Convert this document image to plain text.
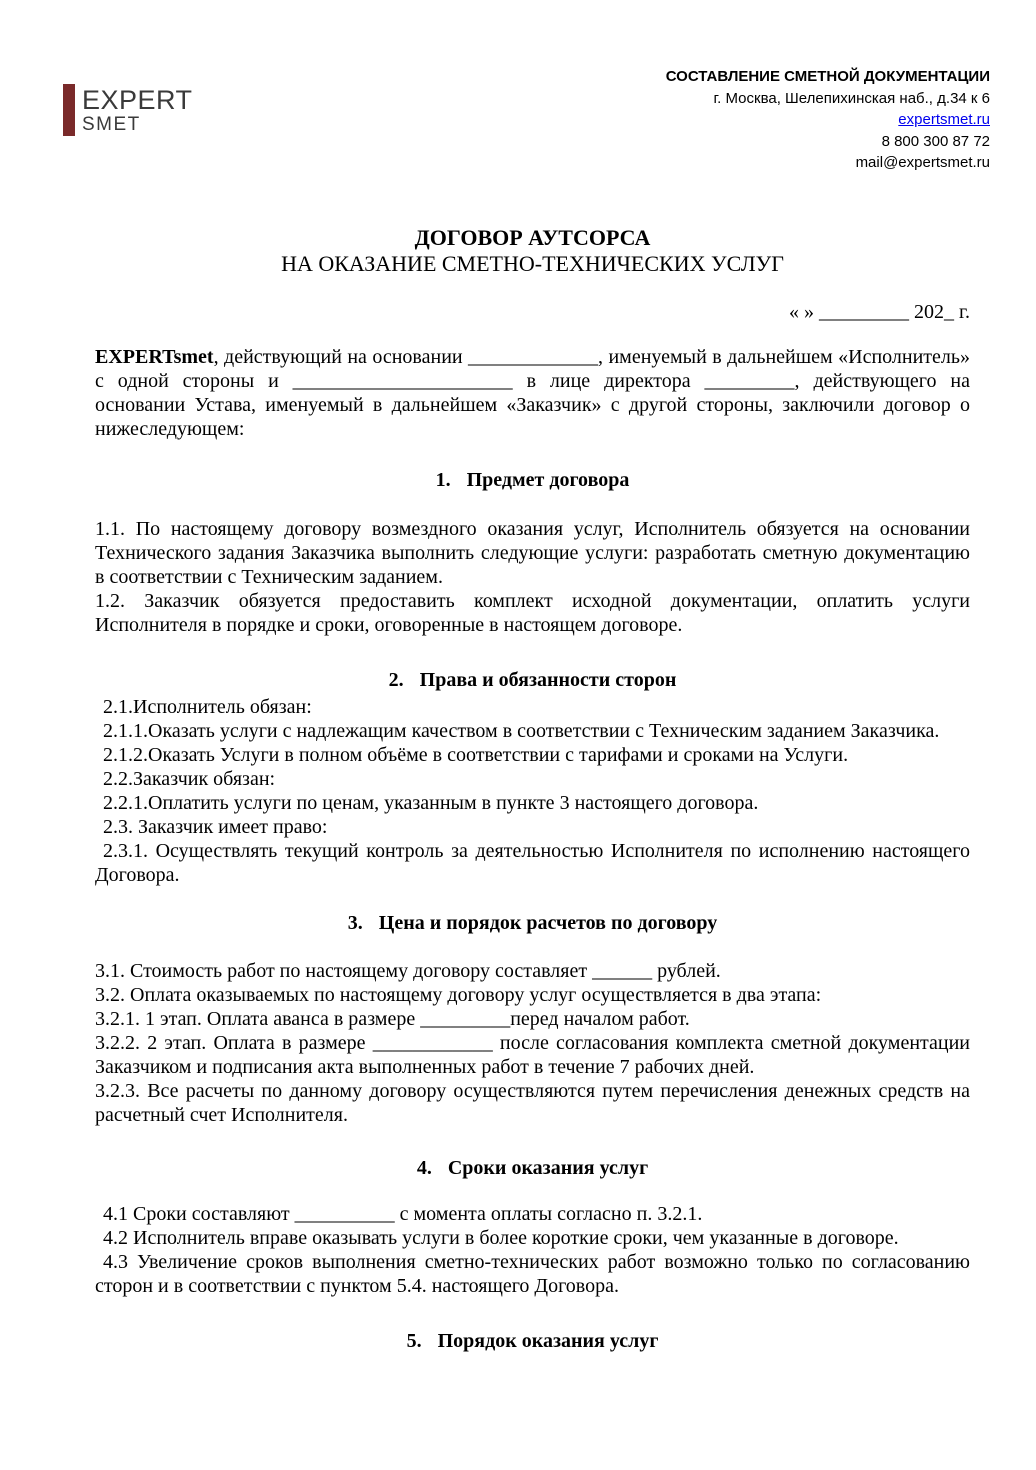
EXPERT
SMET
СОСТАВЛЕНИЕ СМЕТНОЙ ДОКУМЕНТАЦИИ
г. Москва, Шелепихинская наб., д.34 к 6
expertsmet.ru
8 800 300 87 72
mail@expertsmet.ru
ДОГОВОР АУТСОРСА
НА ОКАЗАНИЕ СМЕТНО-ТЕХНИЧЕСКИХ УСЛУГ
« » _________ 202_ г.

EXPERTsmet, действующий на основании _____________, именуемый в дальнейшем «Исполнитель» с одной стороны и ______________________ в лице директора _________, действующего на основании Устава, именуемый в дальнейшем «Заказчик» с другой стороны, заключили договор о нижеследующем:

1. Предмет договора

1.1. По настоящему договору возмездного оказания услуг, Исполнитель обязуется на основании Технического задания Заказчика выполнить следующие услуги: разработать сметную документацию в соответствии с Техническим заданием.

1.2. Заказчик обязуется предоставить комплект исходной документации, оплатить услуги Исполнителя в порядке и сроки, оговоренные в настоящем договоре.

2. Права и обязанности сторон

2.1.Исполнитель обязан:

2.1.1.Оказать услуги с надлежащим качеством в соответствии с Техническим заданием Заказчика.

2.1.2.Оказать Услуги в полном объёме в соответствии с тарифами и сроками на Услуги.

2.2.Заказчик обязан:

2.2.1.Оплатить услуги по ценам, указанным в пункте 3 настоящего договора.

2.3. Заказчик имеет право:

2.3.1. Осуществлять текущий контроль за деятельностью Исполнителя по исполнению настоящего Договора.

3. Цена и порядок расчетов по договору

3.1. Стоимость работ по настоящему договору составляет ______ рублей.

3.2. Оплата оказываемых по настоящему договору услуг осуществляется в два этапа:

3.2.1. 1 этап. Оплата аванса в размере _________перед началом работ.

3.2.2. 2 этап. Оплата в размере ____________ после согласования комплекта сметной документации Заказчиком и подписания акта выполненных работ в течение 7 рабочих дней.

3.2.3. Все расчеты по данному договору осуществляются путем перечисления денежных средств на расчетный счет Исполнителя.

4. Сроки оказания услуг

4.1 Сроки составляют __________ с момента оплаты согласно п. 3.2.1.

4.2 Исполнитель вправе оказывать услуги в более короткие сроки, чем указанные в договоре.

4.3 Увеличение сроков выполнения сметно-технических работ возможно только по согласованию сторон и в соответствии с пунктом 5.4. настоящего Договора.

5. Порядок оказания услуг
